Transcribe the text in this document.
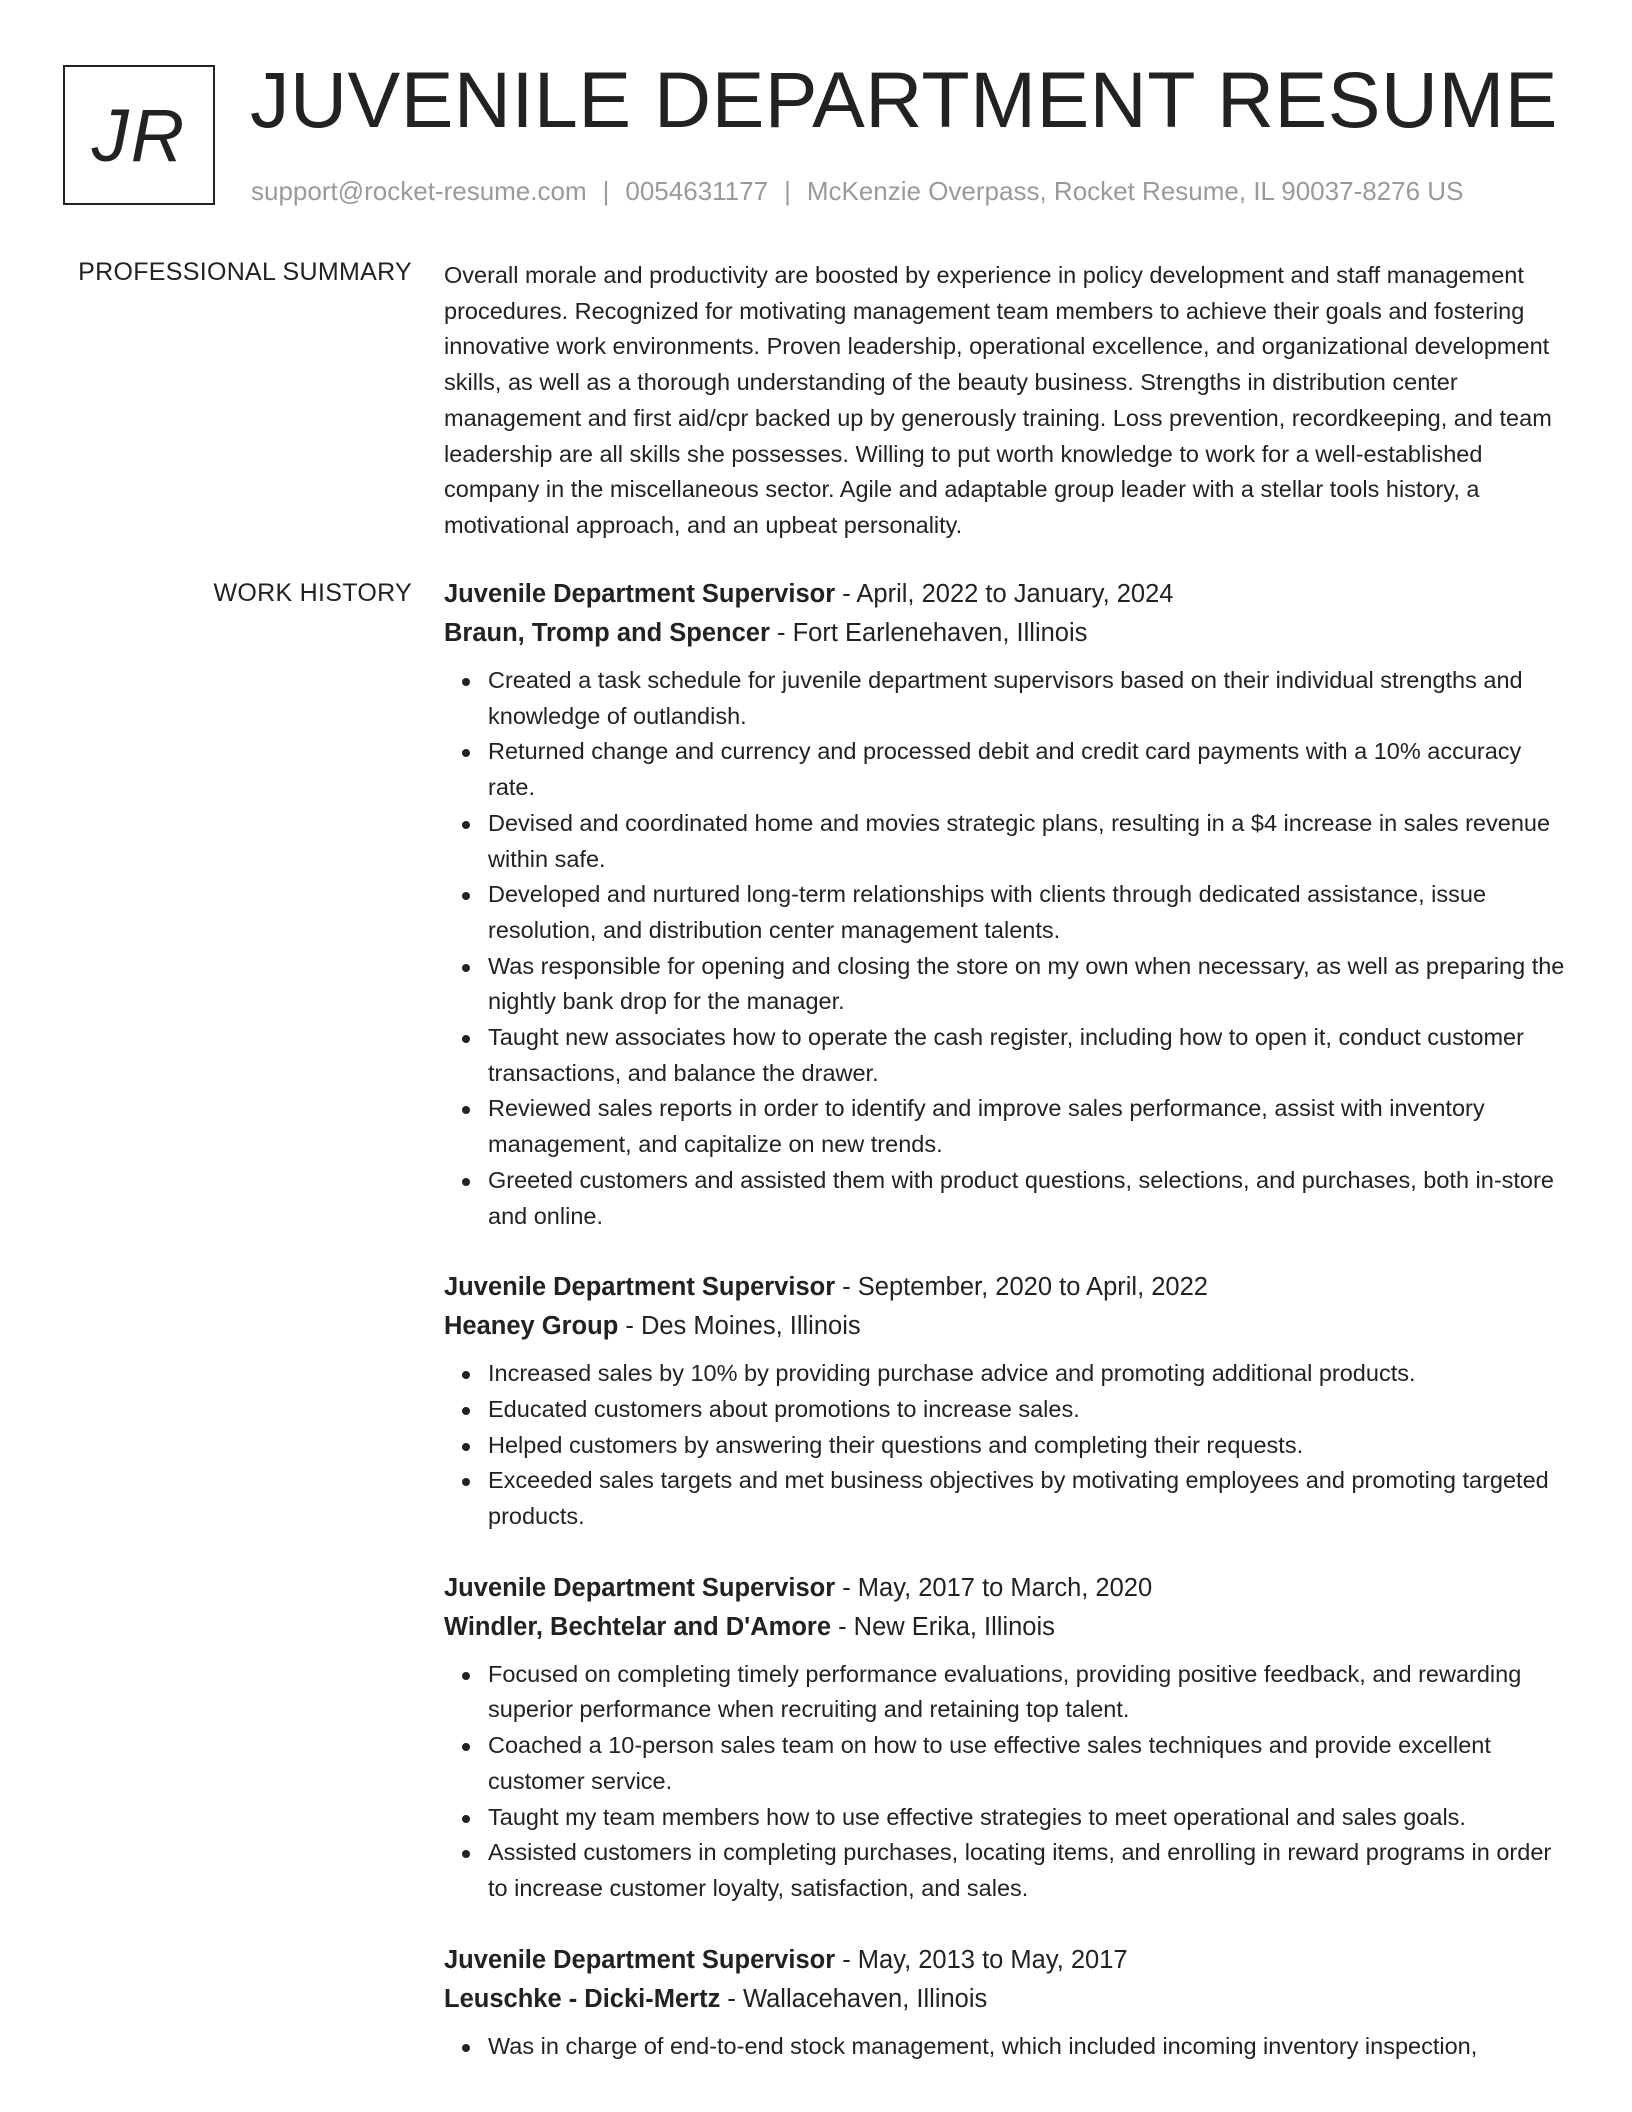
JR JUVENILE DEPARTMENT RESUME
support@rocket-resume.com | 0054631177 | McKenzie Overpass, Rocket Resume, IL 90037-8276 US
PROFESSIONAL SUMMARY Overall morale and productivity are boosted by experience in policy development and staff management procedures. Recognized for motivating management team members to achieve their goals and fostering innovative work environments. Proven leadership, operational excellence, and organizational development skills, as well as a thorough understanding of the beauty business. Strengths in distribution center management and first aid/cpr backed up by generously training. Loss prevention, recordkeeping, and team leadership are all skills she possesses. Willing to put worth knowledge to work for a well-established company in the miscellaneous sector. Agile and adaptable group leader with a stellar tools history, a motivational approach, and an upbeat personality.

WORK HISTORY Juvenile Department Supervisor - April, 2022 to January, 2024
Braun, Tromp and Spencer - Fort Earlenehaven, Illinois
Created a task schedule for juvenile department supervisors based on their individual strengths and knowledge of outlandish.
Returned change and currency and processed debit and credit card payments with a 10% accuracy rate.
Devised and coordinated home and movies strategic plans, resulting in a $4 increase in sales revenue within safe.
Developed and nurtured long-term relationships with clients through dedicated assistance, issue resolution, and distribution center management talents.
Was responsible for opening and closing the store on my own when necessary, as well as preparing the nightly bank drop for the manager.
Taught new associates how to operate the cash register, including how to open it, conduct customer transactions, and balance the drawer.
Reviewed sales reports in order to identify and improve sales performance, assist with inventory management, and capitalize on new trends.
Greeted customers and assisted them with product questions, selections, and purchases, both in-store and online.
Juvenile Department Supervisor - September, 2020 to April, 2022
Heaney Group - Des Moines, Illinois
Increased sales by 10% by providing purchase advice and promoting additional products.
Educated customers about promotions to increase sales.
Helped customers by answering their questions and completing their requests.
Exceeded sales targets and met business objectives by motivating employees and promoting targeted products.
Juvenile Department Supervisor - May, 2017 to March, 2020
Windler, Bechtelar and D'Amore - New Erika, Illinois
Focused on completing timely performance evaluations, providing positive feedback, and rewarding superior performance when recruiting and retaining top talent.
Coached a 10-person sales team on how to use effective sales techniques and provide excellent customer service.
Taught my team members how to use effective strategies to meet operational and sales goals.
Assisted customers in completing purchases, locating items, and enrolling in reward programs in order to increase customer loyalty, satisfaction, and sales.
Juvenile Department Supervisor - May, 2013 to May, 2017
Leuschke - Dicki-Mertz - Wallacehaven, Illinois
Was in charge of end-to-end stock management, which included incoming inventory inspection,
